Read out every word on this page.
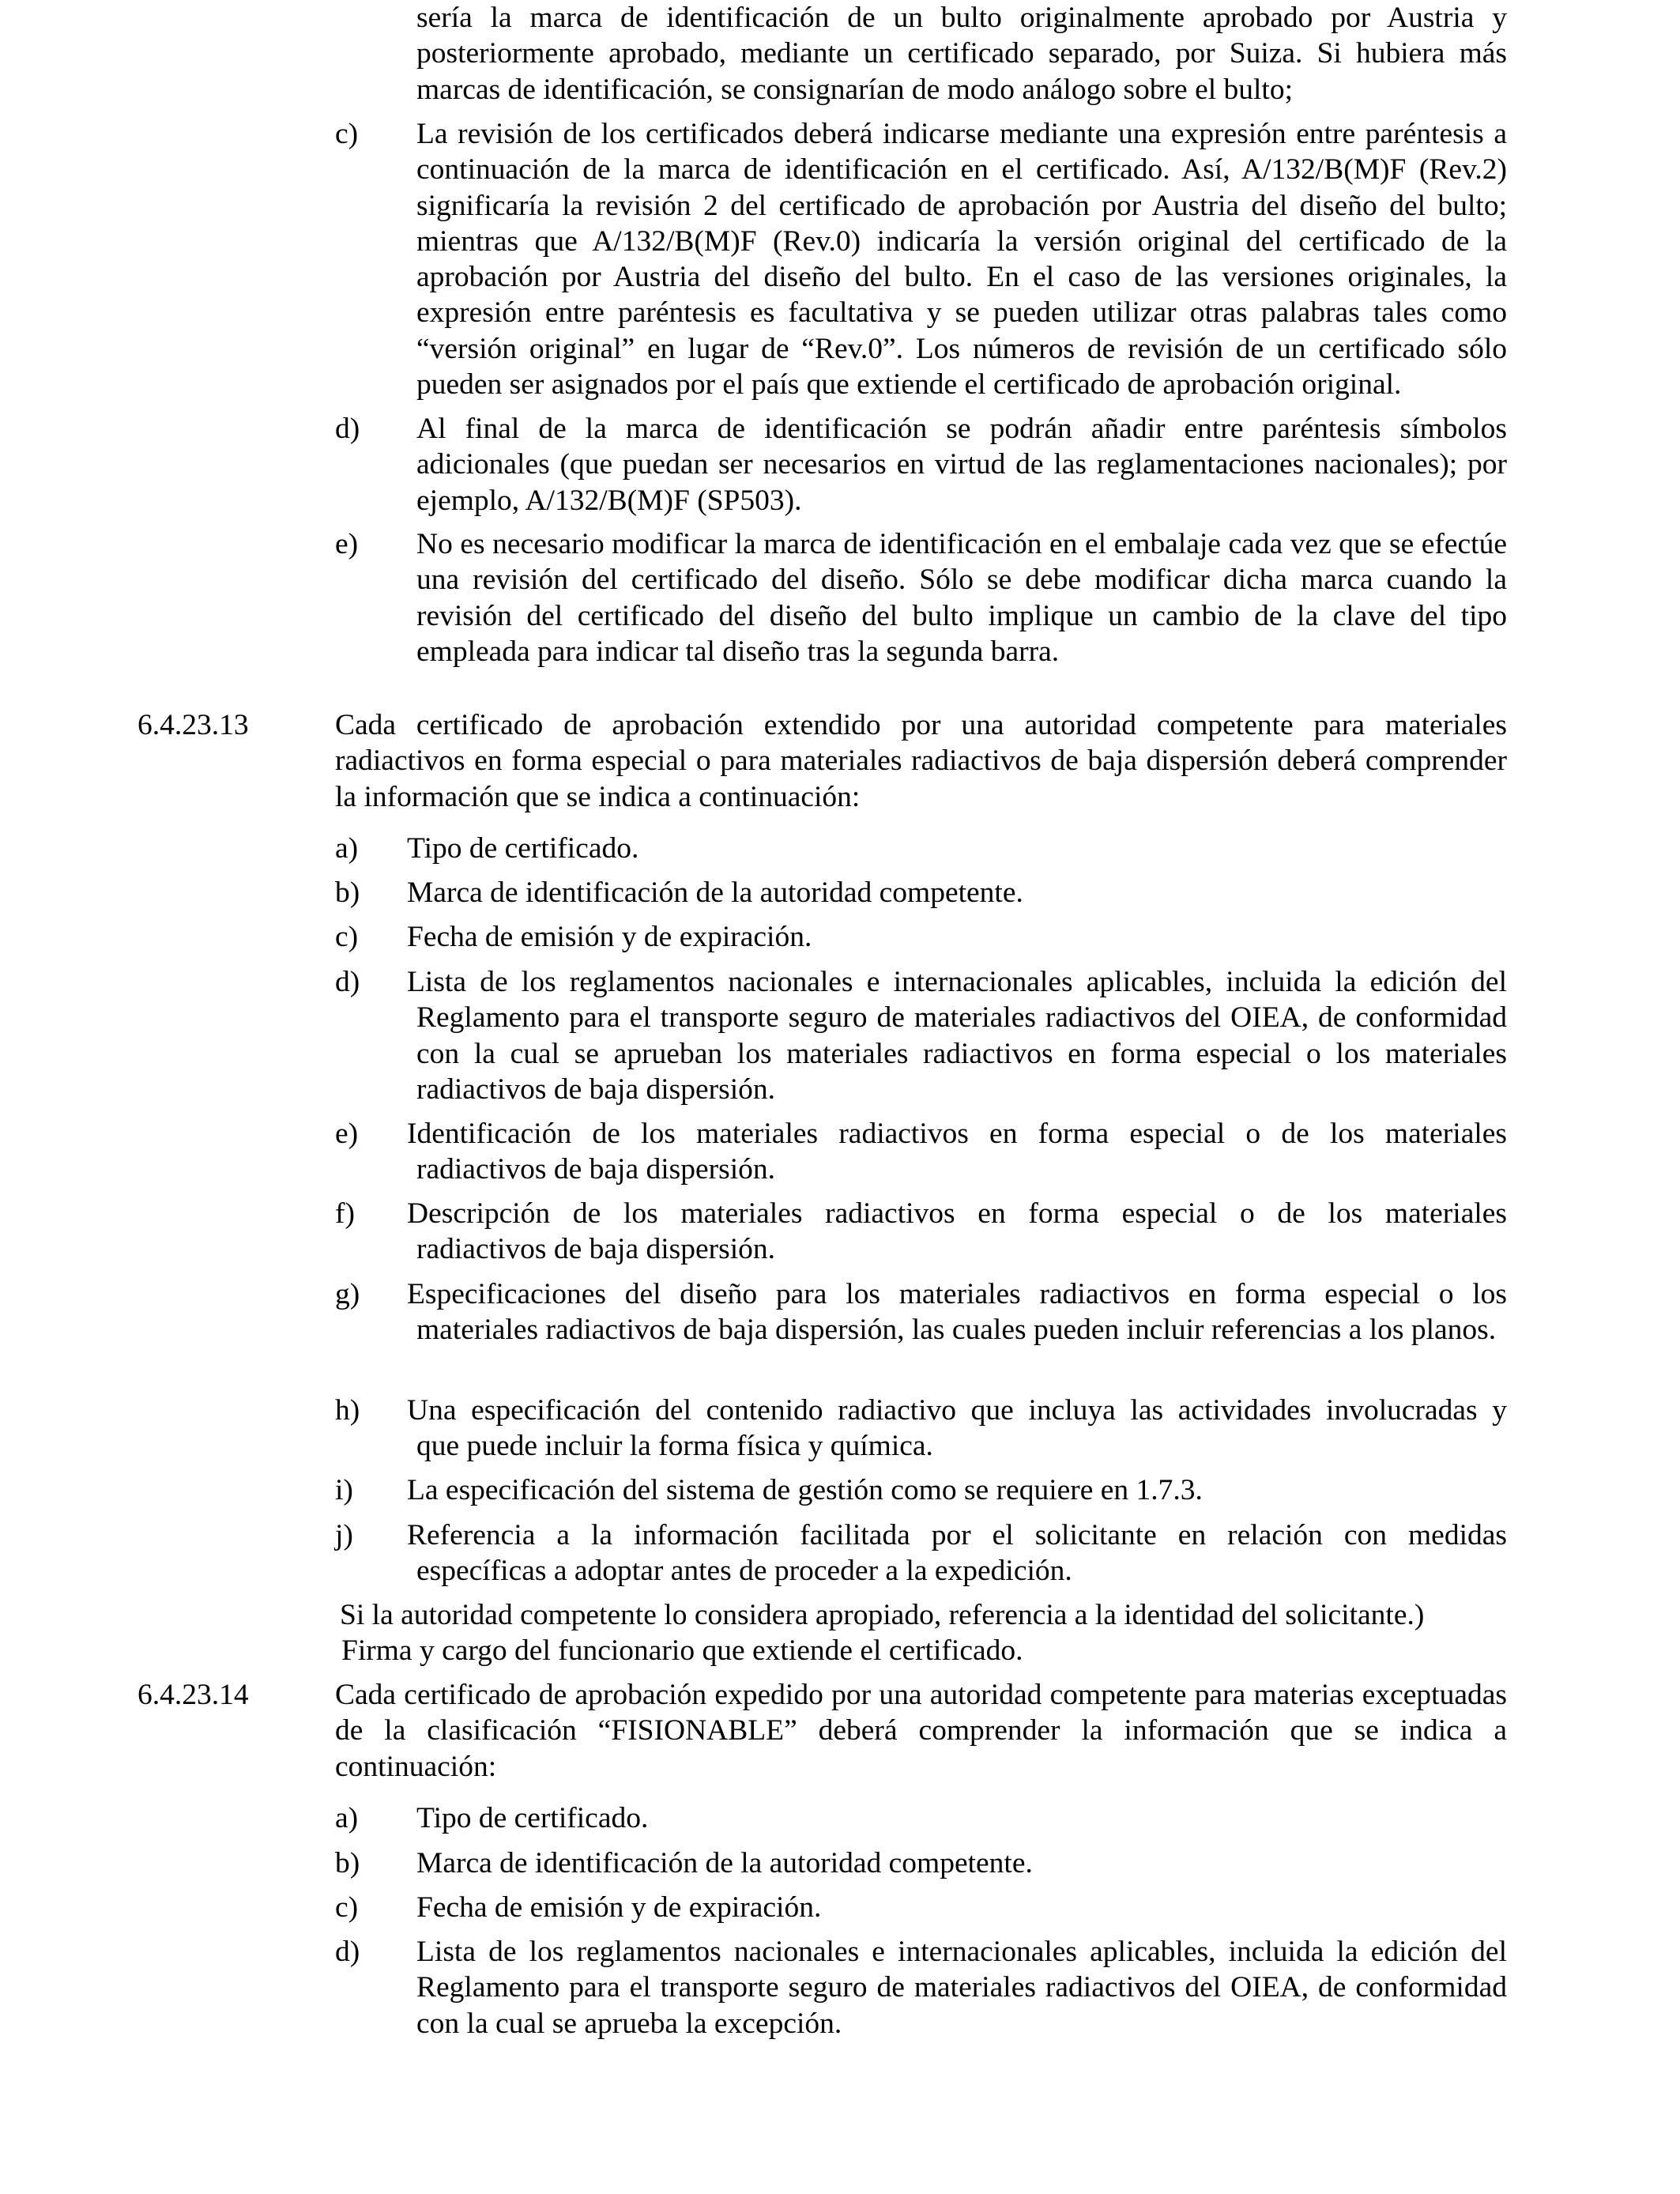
sería la marca de identificación de un bulto originalmente aprobado por Austria y
posteriormente aprobado, mediante un certificado separado, por Suiza. Si hubiera más
marcas de identificación, se consignarían de modo análogo sobre el bulto;
c) La revisión de los certificados deberá indicarse mediante una expresión entre paréntesis a continuación de la marca de identificación en el certificado. Así, A/132/B(M)F (Rev.2) significaría la revisión 2 del certificado de aprobación por Austria del diseño del bulto; mientras que A/132/B(M)F (Rev.0) indicaría la versión original del certificado de la aprobación por Austria del diseño del bulto. En el caso de las versiones originales, la expresión entre paréntesis es facultativa y se pueden utilizar otras palabras tales como “versión original” en lugar de “Rev.0”. Los números de revisión de un certificado sólo pueden ser asignados por el país que extiende el certificado de aprobación original.
d) Al final de la marca de identificación se podrán añadir entre paréntesis símbolos adicionales (que puedan ser necesarios en virtud de las reglamentaciones nacionales); por ejemplo, A/132/B(M)F (SP503).
e) No es necesario modificar la marca de identificación en el embalaje cada vez que se efectúe una revisión del certificado del diseño. Sólo se debe modificar dicha marca cuando la revisión del certificado del diseño del bulto implique un cambio de la clave del tipo empleada para indicar tal diseño tras la segunda barra.
6.4.23.13	Cada certificado de aprobación extendido por una autoridad competente para materiales radiactivos en forma especial o para materiales radiactivos de baja dispersión deberá comprender la información que se indica a continuación:
a) Tipo de certificado.
b) Marca de identificación de la autoridad competente.
c) Fecha de emisión y de expiración.
d) Lista de los reglamentos nacionales e internacionales aplicables, incluida la edición del
Reglamento para el transporte seguro de materiales radiactivos del OIEA, de conformidad con la cual se aprueban los materiales radiactivos en forma especial o los materiales radiactivos de baja dispersión.
e) Identificación de los materiales radiactivos en forma especial o de los materiales
radiactivos de baja dispersión.
f) Descripción de los materiales radiactivos en forma especial o de los materiales
radiactivos de baja dispersión.
g) Especificaciones del diseño para los materiales radiactivos en forma especial o los
materiales radiactivos de baja dispersión, las cuales pueden incluir referencias a los planos.
h) Una especificación del contenido radiactivo que incluya las actividades involucradas y
que puede incluir la forma física y química.
i) La especificación del sistema de gestión como se requiere en 1.7.3.
j) Referencia a la información facilitada por el solicitante en relación con medidas
específicas a adoptar antes de proceder a la expedición.
Si la autoridad competente lo considera apropiado, referencia a la identidad del solicitante.)
Firma y cargo del funcionario que extiende el certificado.
6.4.23.14	Cada certificado de aprobación expedido por una autoridad competente para materias exceptuadas de la clasificación “FISIONABLE” deberá comprender la información que se indica a continuación:
a) Tipo de certificado.
b) Marca de identificación de la autoridad competente.
c) Fecha de emisión y de expiración.
d) Lista de los reglamentos nacionales e internacionales aplicables, incluida la edición del Reglamento para el transporte seguro de materiales radiactivos del OIEA, de conformidad con la cual se aprueba la excepción.
